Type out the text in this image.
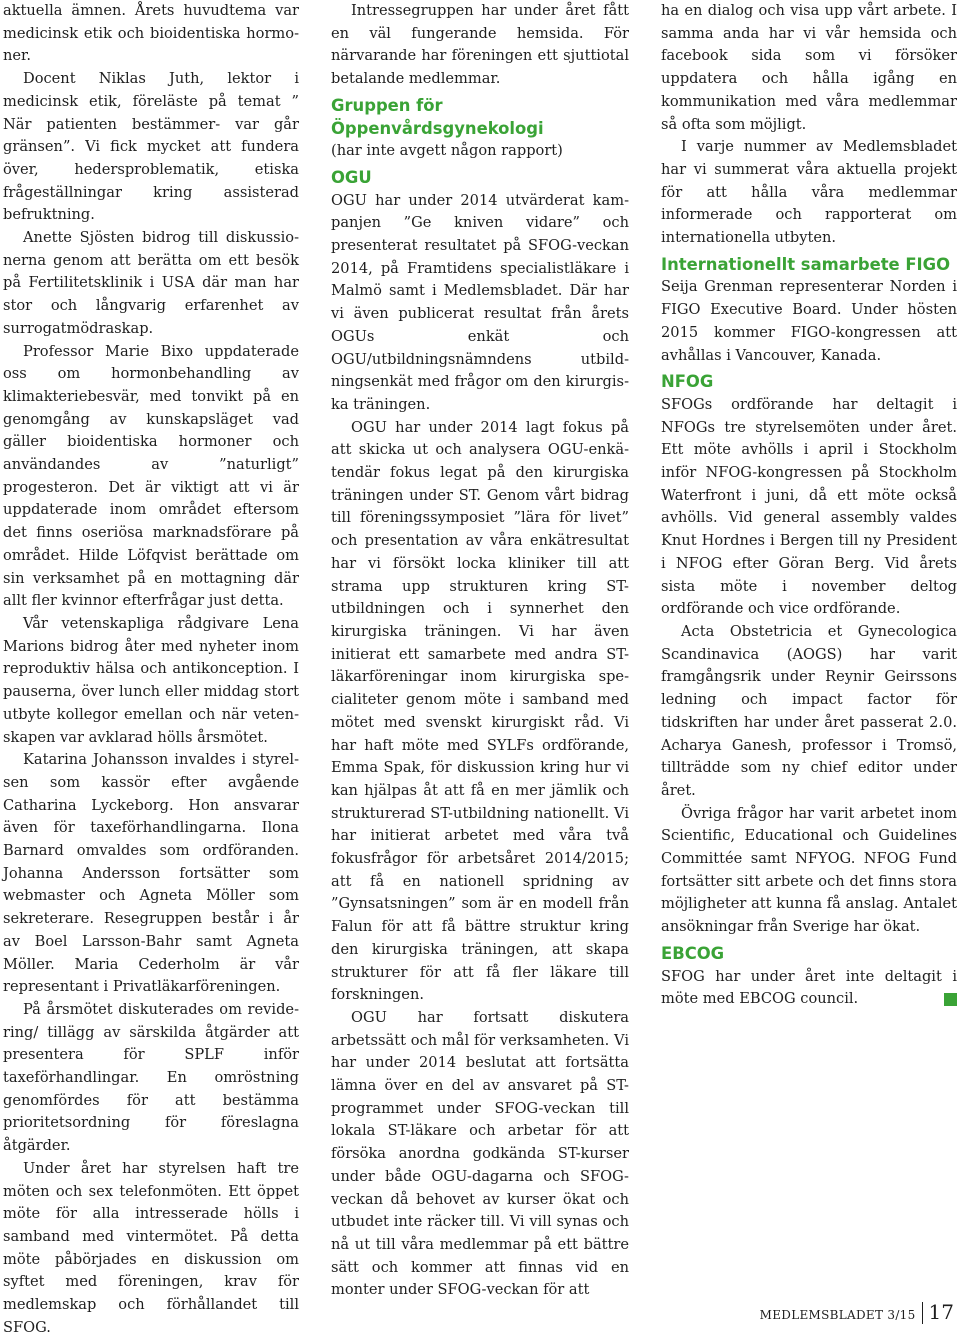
aktuella ämnen. Årets huvudtema var medicinsk etik och bioidentiska hormoner.

Docent Niklas Juth, lektor i medicinsk etik, föreläste på temat ” När patienten bestämmer- var går gränsen”. Vi fick mycket att fundera över, hedersproblematik, etiska frågeställningar kring assisterad befruktning.

Anette Sjösten bidrog till diskussionerna genom att berätta om ett besök på Fertilitetsklinik i USA där man har stor och långvarig erfarenhet av surrogatmödraskap.

Professor Marie Bixo uppdaterade oss om hormonbehandling av klimakteriebesvär, med tonvikt på en genomgång av kunskapsläget vad gäller bioidentiska hormoner och användandes av ”naturligt” progesteron. Det är viktigt att vi är uppdaterade inom området eftersom det finns oseriösa marknadsförare på området. Hilde Löfqvist berättade om sin verksamhet på en mottagning där allt fler kvinnor efterfrågar just detta.

Vår vetenskapliga rådgivare Lena Marions bidrog åter med nyheter inom reproduktiv hälsa och antikonception. I pauserna, över lunch eller middag stort utbyte kollegor emellan och när vetenskapen var avklarad hölls årsmötet.

Katarina Johansson invaldes i styrelsen som kassör efter avgående Catharina Lyckeborg. Hon ansvarar även för taxeförhandlingarna. Ilona Barnard omvaldes som ordföranden. Johanna Andersson fortsätter som webmaster och Agneta Möller som sekreterare. Resegruppen består i år av Boel Larsson-Bahr samt Agneta Möller. Maria Cederholm är vår representant i Privatläkarföreningen.

På årsmötet diskuterades om revidering/ tillägg av särskilda åtgärder att presentera för SPLF inför taxeförhandlingar. En omröstning genomfördes för att bestämma prioritetsordning för föreslagna åtgärder.

Under året har styrelsen haft tre möten och sex telefonmöten. Ett öppet möte för alla intresserade hölls i samband med vintermötet. På detta möte påbörjades en diskussion om syftet med föreningen, krav för medlemskap och förhållandet till SFOG.

Intressegruppen har under året fått en väl fungerande hemsida. För närvarande har föreningen ett sjuttiotal betalande medlemmar.

Gruppen för Öppenvårdsgynekologi

(har inte avgett någon rapport)

OGU

OGU har under 2014 utvärderat kampanjen ”Ge kniven vidare” och presenterat resultatet på SFOG-veckan 2014, på Framtidens specialistläkare i Malmö samt i Medlemsbladet. Där har vi även publicerat resultat från årets OGUs enkät och OGU/utbildningsnämndens utbildningsenkät med frågor om den kirurgiska träningen.

OGU har under 2014 lagt fokus på att skicka ut och analysera OGU-enkätendär fokus legat på den kirurgiska träningen under ST. Genom vårt bidrag till föreningssymposiet ”lära för livet” och presentation av våra enkätresultat har vi försökt locka kliniker till att strama upp strukturen kring ST-utbildningen och i synnerhet den kirurgiska träningen. Vi har även initierat ett samarbete med andra ST-läkarföreningar inom kirurgiska specialiteter genom möte i samband med mötet med svenskt kirurgiskt råd. Vi har haft möte med SYLFs ordförande, Emma Spak, för diskussion kring hur vi kan hjälpas åt att få en mer jämlik och strukturerad ST-utbildning nationellt. Vi har initierat arbetet med våra två fokusfrågor för arbetsåret 2014/2015; att få en nationell spridning av ”Gynsatsningen” som är en modell från Falun för att få bättre struktur kring den kirurgiska träningen, att skapa strukturer för att få fler läkare till forskningen.

OGU har fortsatt diskutera arbetssätt och mål för verksamheten. Vi har under 2014 beslutat att fortsätta lämna över en del av ansvaret på ST-programmet under SFOG-veckan till lokala ST-läkare och arbetar för att försöka anordna godkända ST-kurser under både OGU-dagarna och SFOG-veckan då behovet av kurser ökat och utbudet inte räcker till. Vi vill synas och nå ut till våra medlemmar på ett bättre sätt och kommer att finnas vid en monter under SFOG-veckan för att

ha en dialog och visa upp vårt arbete. I samma anda har vi vår hemsida och facebook sida som vi försöker uppdatera och hålla igång en kommunikation med våra medlemmar så ofta som möjligt.

I varje nummer av Medlemsbladet har vi summerat våra aktuella projekt för att hålla våra medlemmar informerade och rapporterat om internationella utbyten.

Internationellt samarbete FIGO

Seija Grenman representerar Norden i FIGO Executive Board. Under hösten 2015 kommer FIGO-kongressen att avhållas i Vancouver, Kanada.

NFOG

SFOGs ordförande har deltagit i NFOGs tre styrelsemöten under året. Ett möte avhölls i april i Stockholm inför NFOG-kongressen på Stockholm Waterfront i juni, då ett möte också avhölls. Vid general assembly valdes Knut Hordnes i Bergen till ny President i NFOG efter Göran Berg. Vid årets sista möte i november deltog ordförande och vice ordförande.

Acta Obstetricia et Gynecologica Scandinavica (AOGS) har varit framgångsrik under Reynir Geirssons ledning och impact factor för tidskriften har under året passerat 2.0. Acharya Ganesh, professor i Tromsö, tillträdde som ny chief editor under året.

Övriga frågor har varit arbetet inom Scientific, Educational och Guidelines Committée samt NFYOG. NFOG Fund fortsätter sitt arbete och det finns stora möjligheter att kunna få anslag. Antalet ansökningar från Sverige har ökat.

EBCOG

SFOG har under året inte deltagit i möte med EBCOG council.

MEDLEMSBLADET 3/15 17
